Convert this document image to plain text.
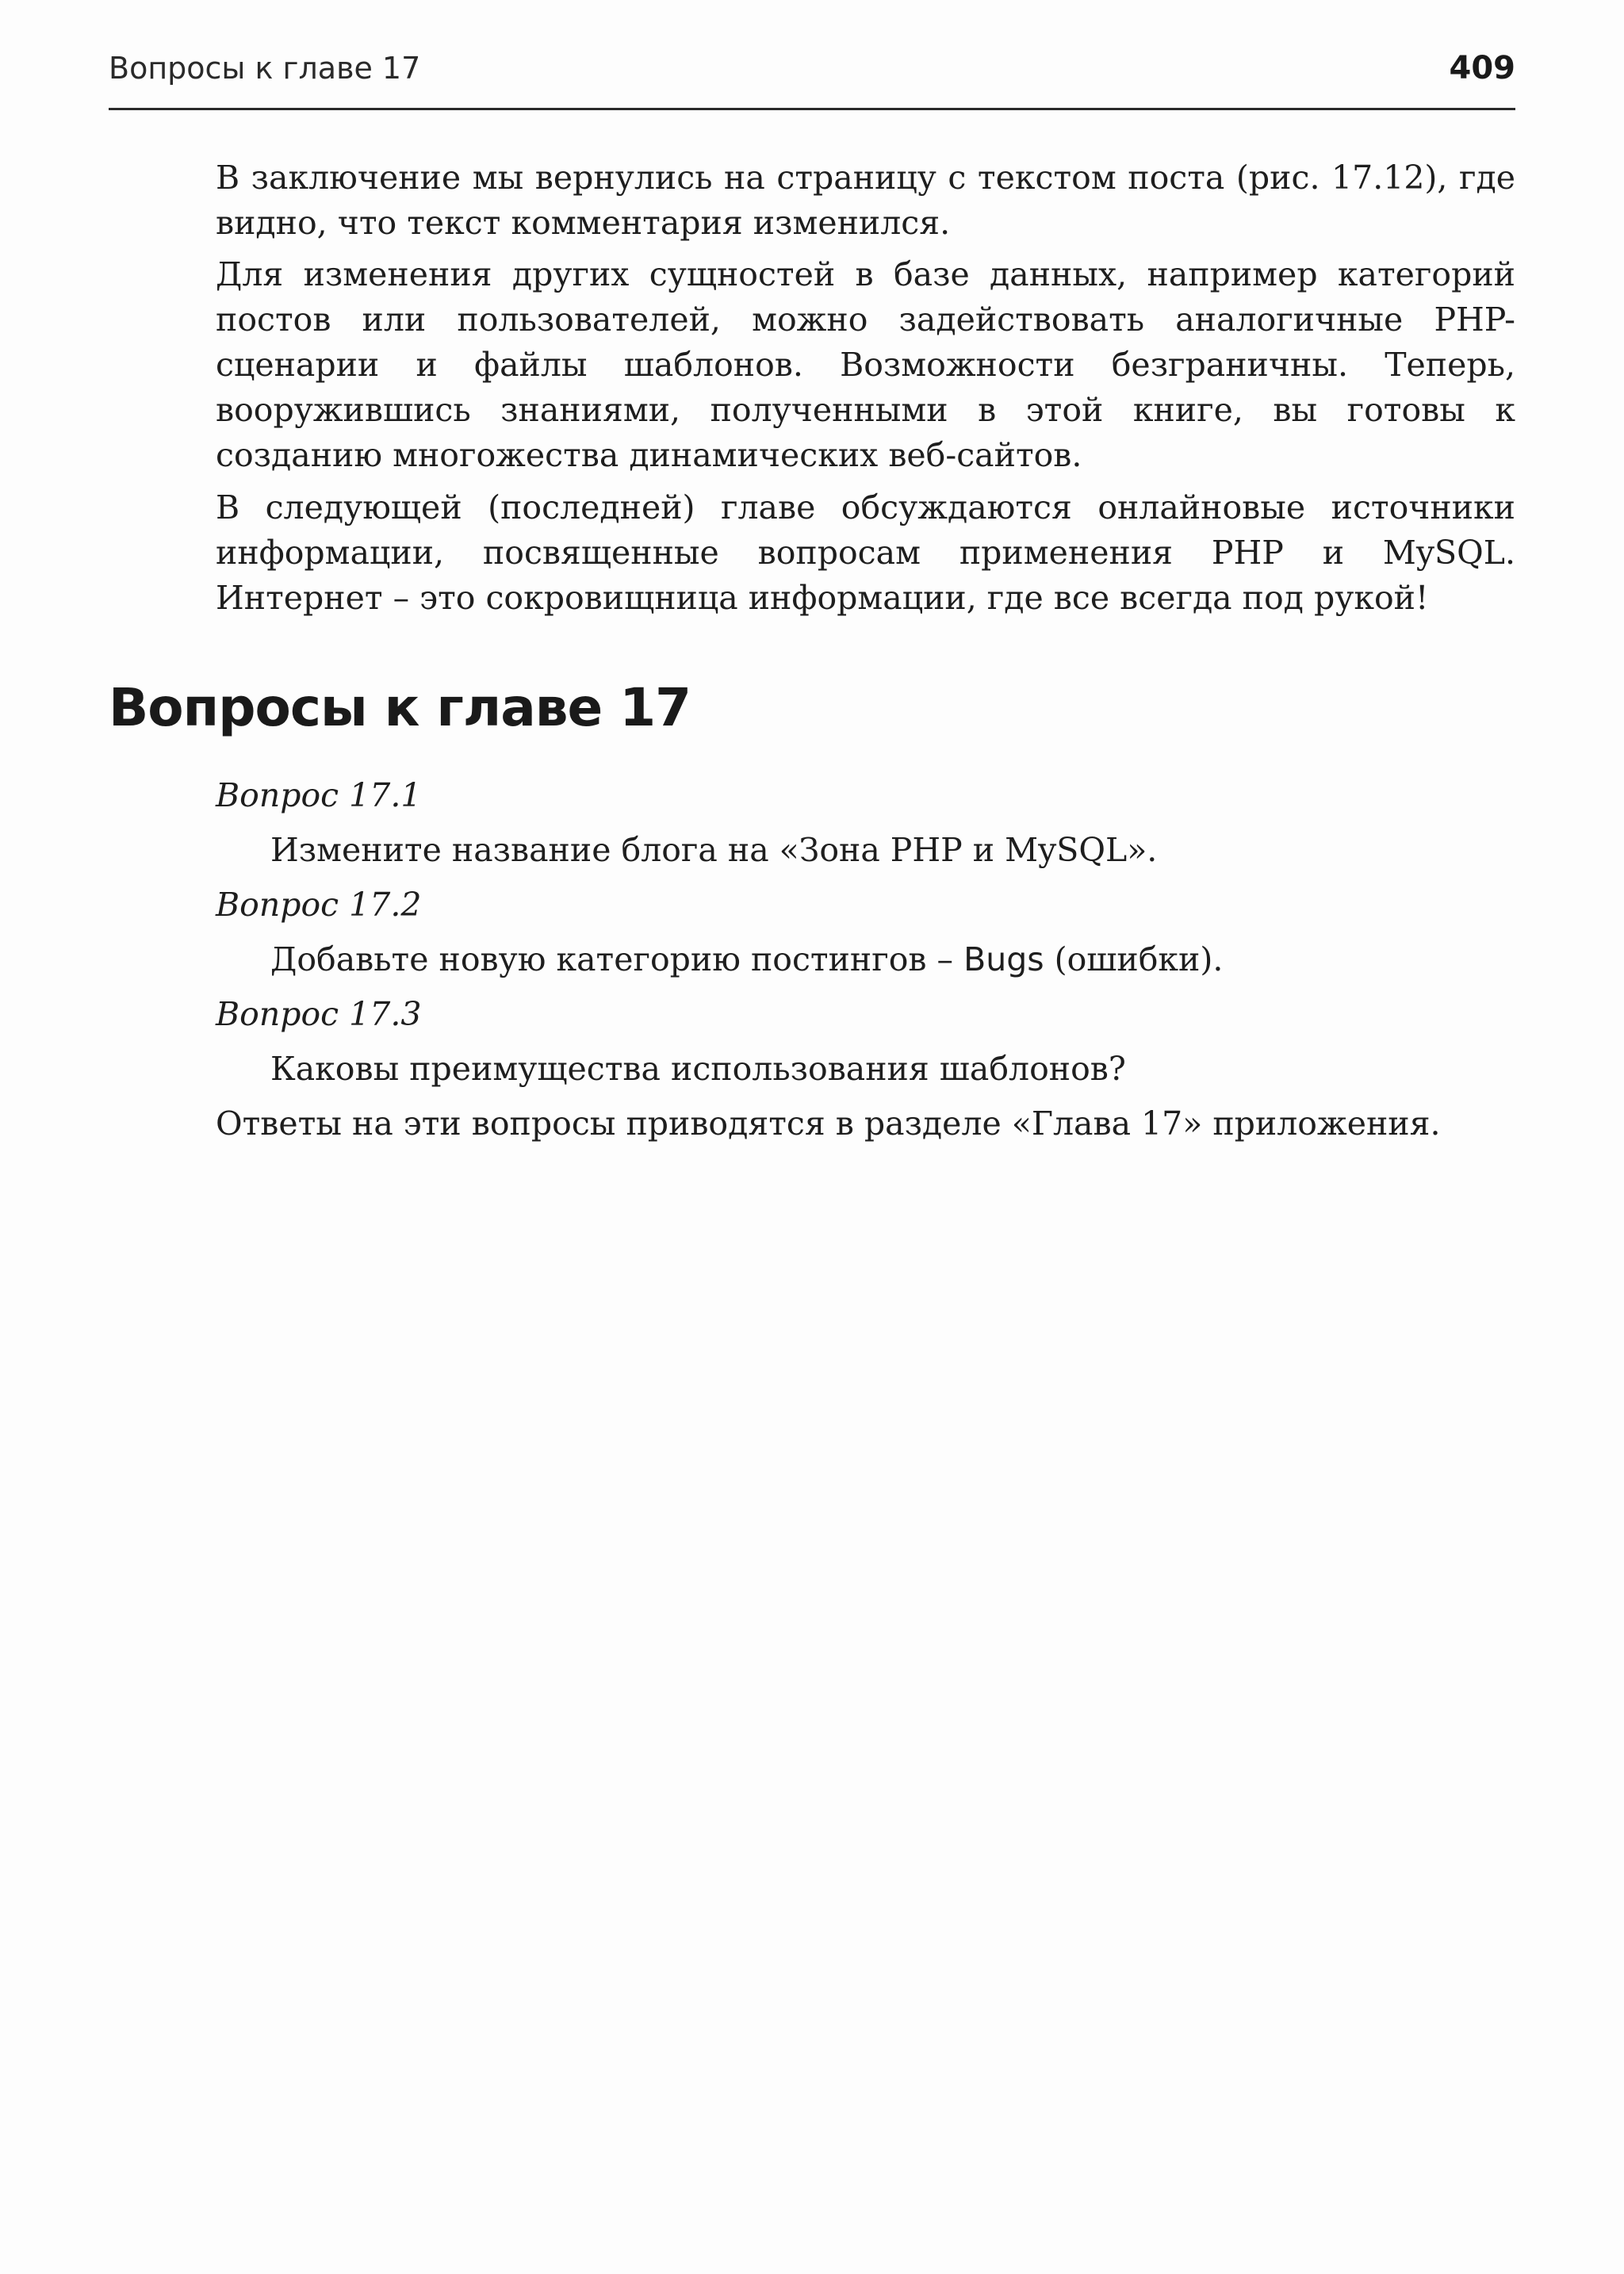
Вопросы к главе 17	409

В заключение мы вернулись на страницу с текстом поста (рис. 17.12), где видно, что текст комментария изменился.

Для изменения других сущностей в базе данных, например категорий постов или пользователей, можно задействовать аналогичные PHP-сценарии и файлы шаблонов. Возможности безграничны. Теперь, вооружившись знаниями, полученными в этой книге, вы готовы к созданию многожества динамических веб-сайтов.

В следующей (последней) главе обсуждаются онлайновые источники информации, посвященные вопросам применения PHP и MySQL. Интернет – это сокровищница информации, где все всегда под рукой!

Вопросы к главе 17
Вопрос 17.1
Измените название блога на «Зона PHP и MySQL».
Вопрос 17.2
Добавьте новую категорию постингов – Bugs (ошибки).
Вопрос 17.3
Каковы преимущества использования шаблонов?
Ответы на эти вопросы приводятся в разделе «Глава 17» приложения.
